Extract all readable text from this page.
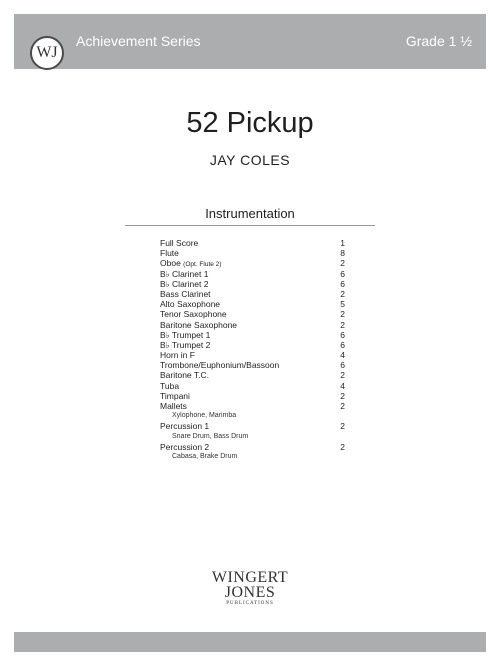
WJ
Achievement Series	Grade 1 ½
52 Pickup
JAY COLES
Instrumentation
Full Score	1
Flute	8
Oboe (Opt. Flute 2)	2
B♭ Clarinet 1	6
B♭ Clarinet 2	6
Bass Clarinet	2
Alto Saxophone	5
Tenor Saxophone	2
Baritone Saxophone	2
B♭ Trumpet 1	6
B♭ Trumpet 2	6
Horn in F	4
Trombone/Euphonium/Bassoon	6
Baritone T.C.	2
Tuba	4
Timpani	2
Mallets	2
Xylophone, Marimba
Percussion 1	2
Snare Drum, Bass Drum
Percussion 2	2
Cabasa, Brake Drum
WINGERT
JONES
PUBLICATIONS
